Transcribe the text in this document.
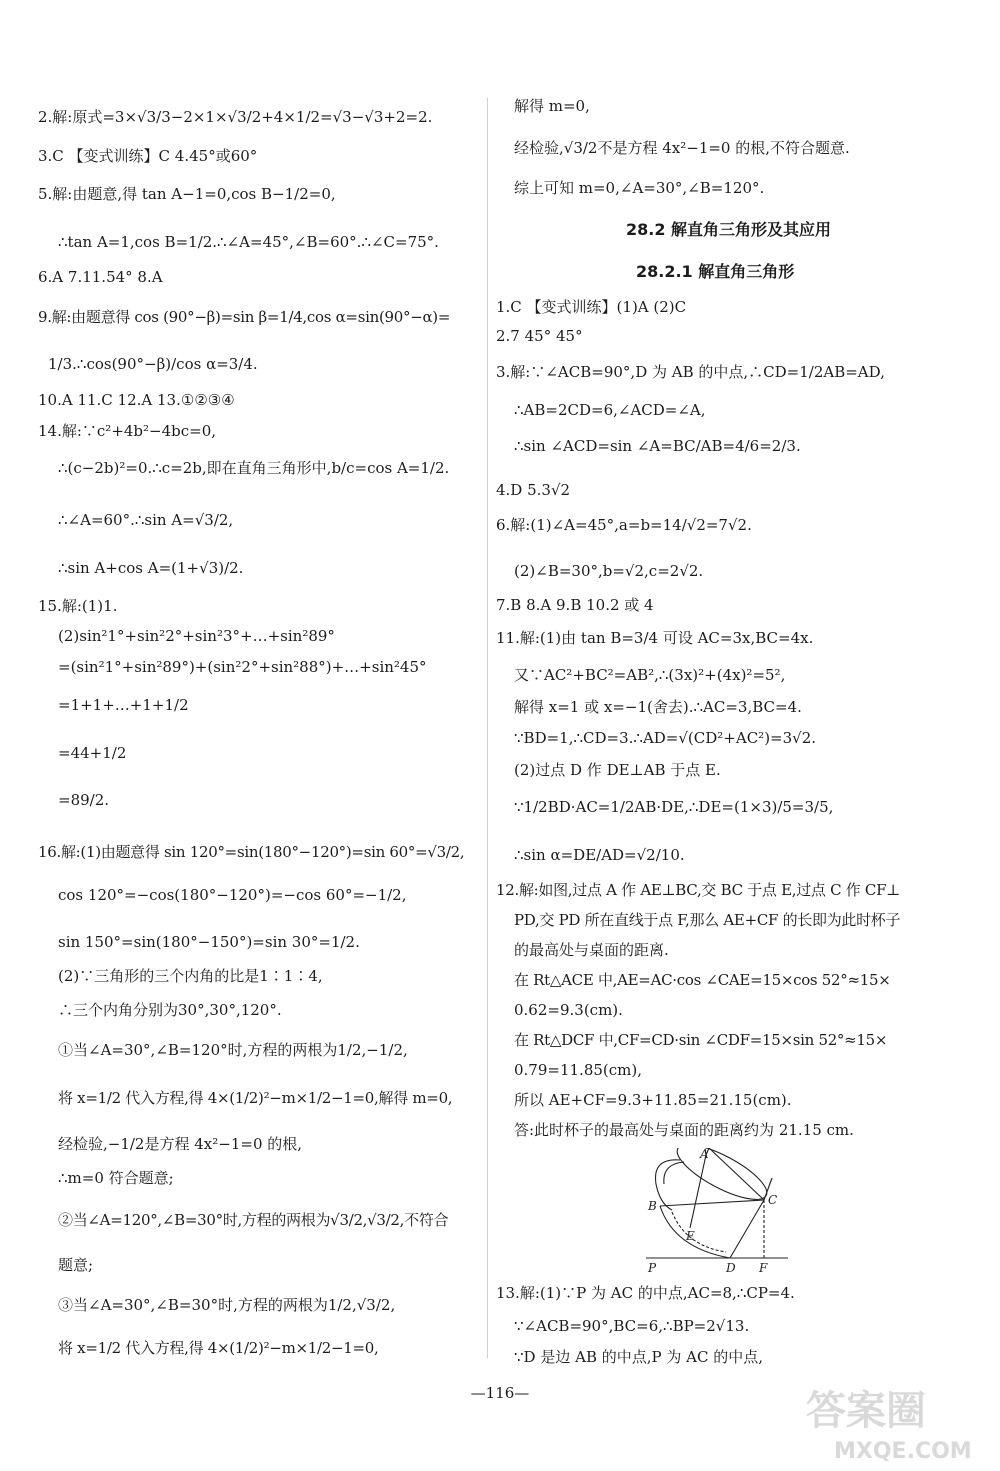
2.解:原式=3×√3/3−2×1×√3/2+4×1/2=√3−√3+2=2.
3.C 【变式训练】C 4.45°或60°
5.解:由题意,得 tan A−1=0,cos B−1/2=0,
∴tan A=1,cos B=1/2.∴∠A=45°,∠B=60°.∴∠C=75°.
6.A 7.11.54° 8.A
9.解:由题意得 cos (90°−β)=sin β=1/4,cos α=sin(90°−α)=
1/3.∴cos(90°−β)/cos α=3/4.
10.A 11.C 12.A 13.①②③④
14.解:∵c²+4b²−4bc=0,
∴(c−2b)²=0.∴c=2b,即在直角三角形中,b/c=cos A=1/2.
∴∠A=60°.∴sin A=√3/2,
∴sin A+cos A=(1+√3)/2.
15.解:(1)1.
(2)sin²1°+sin²2°+sin²3°+…+sin²89°
=(sin²1°+sin²89°)+(sin²2°+sin²88°)+…+sin²45°
=1+1+…+1+1/2
=44+1/2
=89/2.
16.解:(1)由题意得 sin 120°=sin(180°−120°)=sin 60°=√3/2,
cos 120°=−cos(180°−120°)=−cos 60°=−1/2,
sin 150°=sin(180°−150°)=sin 30°=1/2.
(2)∵三角形的三个内角的比是1∶1∶4,
∴三个内角分别为30°,30°,120°.
①当∠A=30°,∠B=120°时,方程的两根为1/2,−1/2,
将 x=1/2 代入方程,得 4×(1/2)²−m×1/2−1=0,解得 m=0,
经检验,−1/2是方程 4x²−1=0 的根,
∴m=0 符合题意;
②当∠A=120°,∠B=30°时,方程的两根为√3/2,√3/2,不符合
题意;
③当∠A=30°,∠B=30°时,方程的两根为1/2,√3/2,
将 x=1/2 代入方程,得 4×(1/2)²−m×1/2−1=0,
解得 m=0,
经检验,√3/2不是方程 4x²−1=0 的根,不符合题意.
综上可知 m=0,∠A=30°,∠B=120°.
28.2 解直角三角形及其应用
28.2.1 解直角三角形
1.C 【变式训练】(1)A (2)C
2.7 45° 45°
3.解:∵∠ACB=90°,D 为 AB 的中点,∴CD=1/2AB=AD,
∴AB=2CD=6,∠ACD=∠A,
∴sin ∠ACD=sin ∠A=BC/AB=4/6=2/3.
4.D 5.3√2
6.解:(1)∠A=45°,a=b=14/√2=7√2.
(2)∠B=30°,b=√2,c=2√2.
7.B 8.A 9.B 10.2 或 4
11.解:(1)由 tan B=3/4 可设 AC=3x,BC=4x.
又∵AC²+BC²=AB²,∴(3x)²+(4x)²=5²,
解得 x=1 或 x=−1(舍去).∴AC=3,BC=4.
∵BD=1,∴CD=3.∴AD=√(CD²+AC²)=3√2.
(2)过点 D 作 DE⊥AB 于点 E.
∵1/2BD·AC=1/2AB·DE,∴DE=(1×3)/5=3/5,
∴sin α=DE/AD=√2/10.
12.解:如图,过点 A 作 AE⊥BC,交 BC 于点 E,过点 C 作 CF⊥
PD,交 PD 所在直线于点 F,那么 AE+CF 的长即为此时杯子
的最高处与桌面的距离.
在 Rt△ACE 中,AE=AC·cos ∠CAE=15×cos 52°≈15×
0.62=9.3(cm).
在 Rt△DCF 中,CF=CD·sin ∠CDF=15×sin 52°≈15×
0.79=11.85(cm),
所以 AE+CF=9.3+11.85=21.15(cm).
答:此时杯子的最高处与桌面的距离约为 21.15 cm.
13.解:(1)∵P 为 AC 的中点,AC=8,∴CP=4.
∵∠ACB=90°,BC=6,∴BP=2√13.
∵D 是边 AB 的中点,P 为 AC 的中点,
A
B
E
C
P	D F
—116—	答案圈
MXQE.COM
